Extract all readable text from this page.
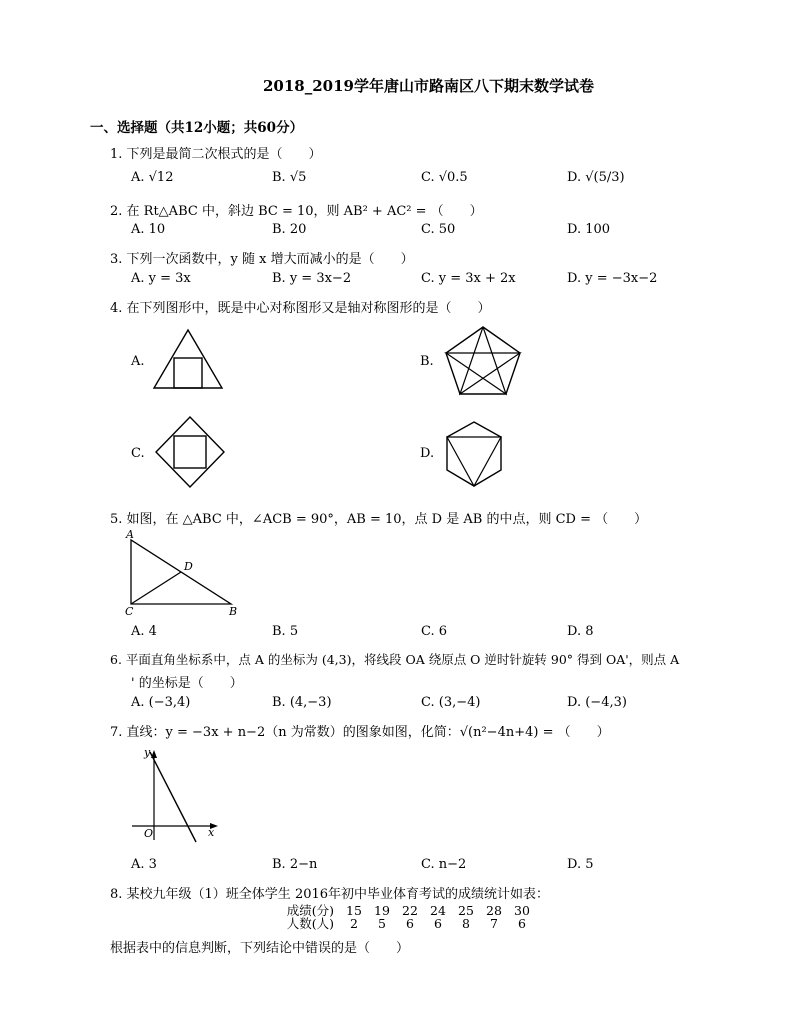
2018_2019学年唐山市路南区八下期末数学试卷
一、选择题（共12小题；共60分）
1. 下列是最简二次根式的是（　　）
A. √12	B. √5	C. √0.5	D. √(5/3)
2. 在 Rt△ABC 中，斜边 BC = 10，则 AB² + AC² = （　　）
A. 10	B. 20	C. 50	D. 100
3. 下列一次函数中，y 随 x 增大而减小的是（　　）
A. y = 3x	B. y = 3x−2	C. y = 3x + 2x	D. y = −3x−2
4. 在下列图形中，既是中心对称图形又是轴对称图形的是（　　）
A.	B.
C.	D.
5. 如图，在 △ABC 中，∠ACB = 90°，AB = 10，点 D 是 AB 的中点，则 CD = （　　）
A
D
C	B
A. 4	B. 5	C. 6	D. 8
6. 平面直角坐标系中，点 A 的坐标为 (4,3)，将线段 OA 绕原点 O 逆时针旋转 90° 得到 OA'，则点 A
' 的坐标是（　　）
A. (−3,4)	B. (4,−3)	C. (3,−4)	D. (−4,3)
7. 直线：y = −3x + n−2（n 为常数）的图象如图，化简：√(n²−4n+4) = （　　）
y
x
O
A. 3	B. 2−n	C. n−2	D. 5
8. 某校九年级（1）班全体学生 2016年初中毕业体育考试的成绩统计如表：
成绩(分) 15 19 22 24 25 28 30
人数(人)	2	5	6	6	8	7	6
根据表中的信息判断，下列结论中错误的是（　　）
